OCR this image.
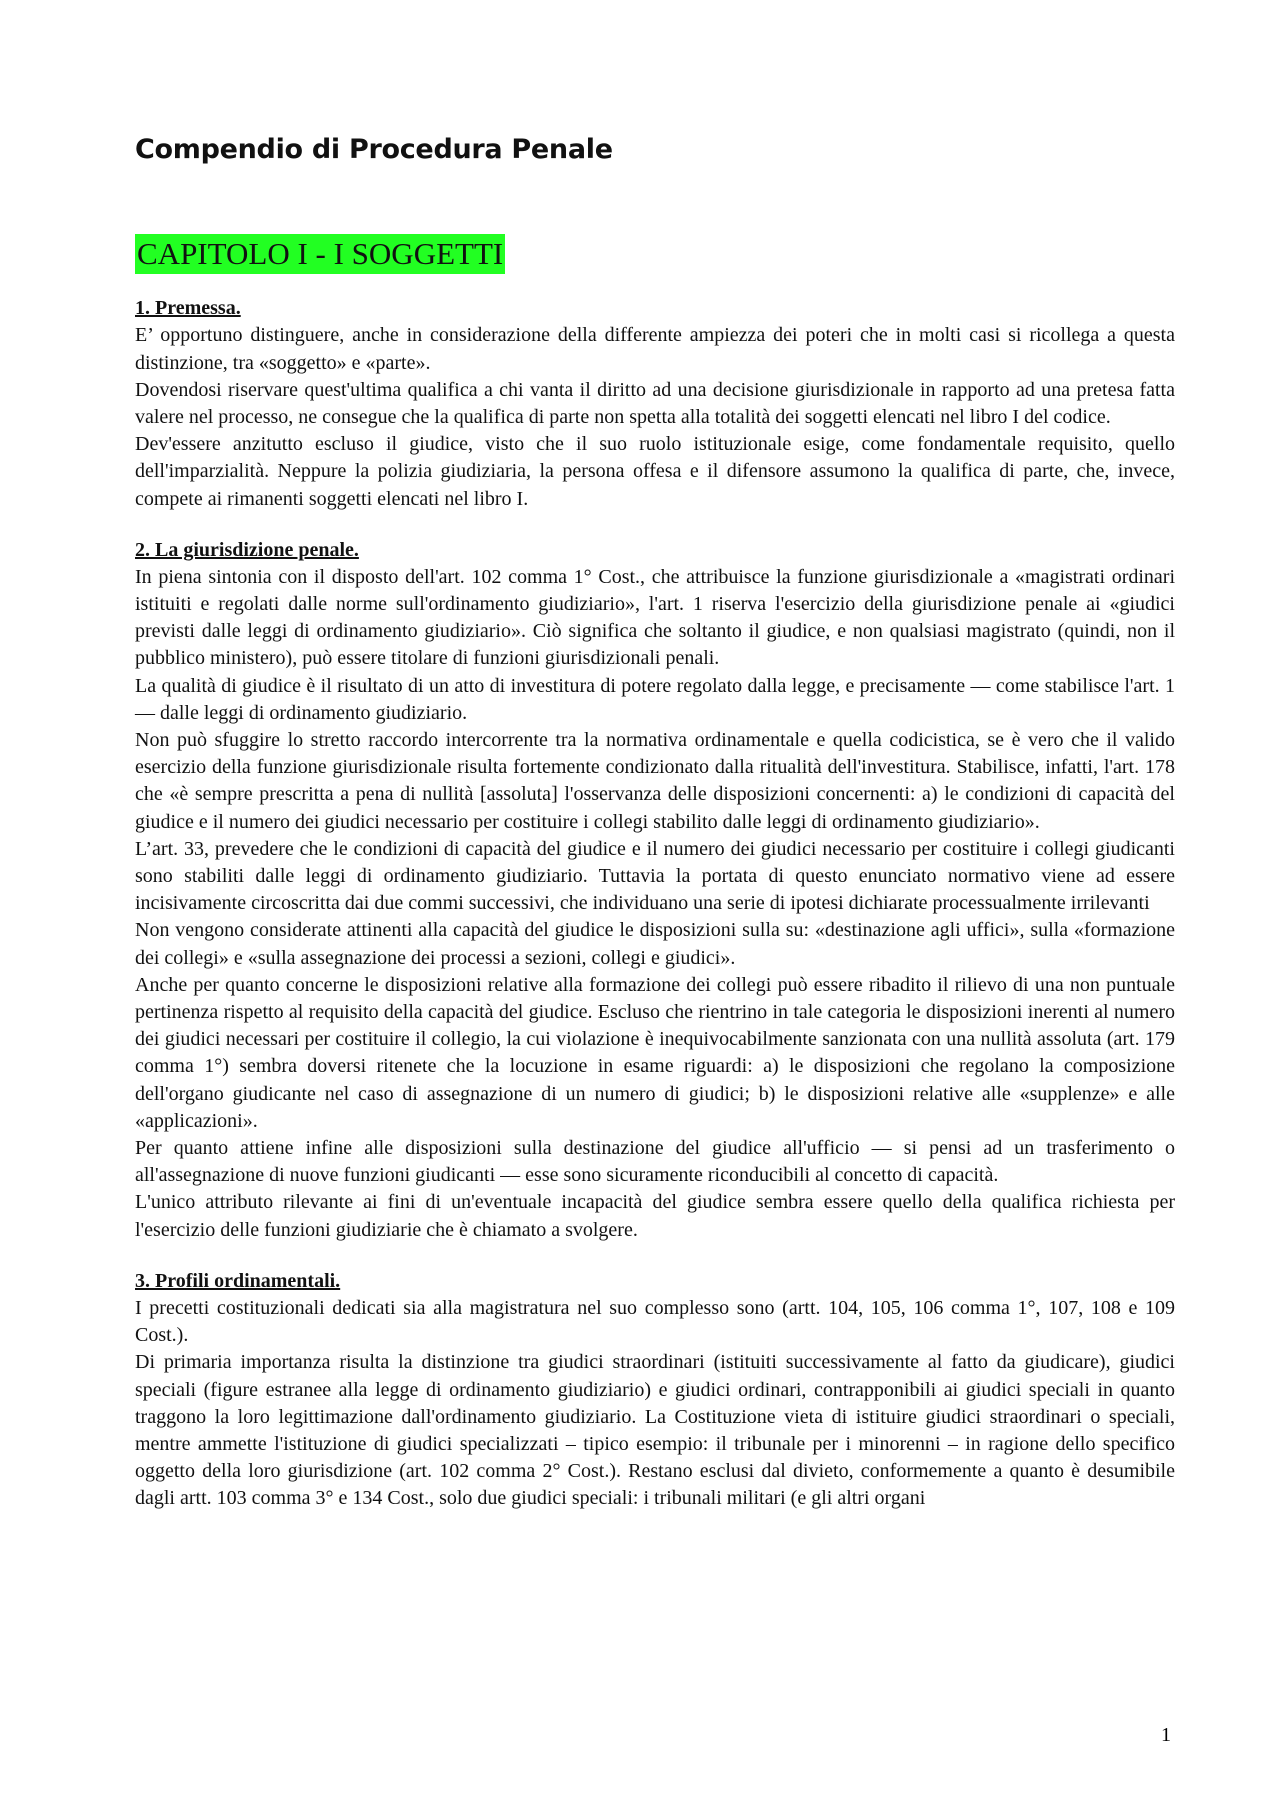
Compendio di Procedura Penale
CAPITOLO I - I SOGGETTI
1. Premessa.

E’ opportuno distinguere, anche in considerazione della differente ampiezza dei poteri che in molti casi si ricollega a questa distinzione, tra «soggetto» e «parte».

Dovendosi riservare quest'ultima qualifica a chi vanta il diritto ad una decisione giurisdizionale in rapporto ad una pretesa fatta valere nel processo, ne consegue che la qualifica di parte non spetta alla totalità dei soggetti elencati nel libro I del codice.

Dev'essere anzitutto escluso il giudice, visto che il suo ruolo istituzionale esige, come fondamentale requisito, quello dell'imparzialità. Neppure la polizia giudiziaria, la persona offesa e il difensore assumono la qualifica di parte, che, invece, compete ai rimanenti soggetti elencati nel libro I.

2. La giurisdizione penale.

In piena sintonia con il disposto dell'art. 102 comma 1° Cost., che attribuisce la funzione giurisdizionale a «magistrati ordinari istituiti e regolati dalle norme sull'ordinamento giudiziario», l'art. 1 riserva l'esercizio della giurisdizione penale ai «giudici previsti dalle leggi di ordinamento giudiziario». Ciò significa che soltanto il giudice, e non qualsiasi magistrato (quindi, non il pubblico ministero), può essere titolare di funzioni giurisdizionali penali.

La qualità di giudice è il risultato di un atto di investitura di potere regolato dalla legge, e precisamente — come stabilisce l'art. 1 — dalle leggi di ordinamento giudiziario.

Non può sfuggire lo stretto raccordo intercorrente tra la normativa ordinamentale e quella codicistica, se è vero che il valido esercizio della funzione giurisdizionale risulta fortemente condizionato dalla ritualità dell'investitura. Stabilisce, infatti, l'art. 178 che «è sempre prescritta a pena di nullità [assoluta] l'osservanza delle disposizioni concernenti: a) le condizioni di capacità del giudice e il numero dei giudici necessario per costituire i collegi stabilito dalle leggi di ordinamento giudiziario».

L’art. 33, prevedere che le condizioni di capacità del giudice e il numero dei giudici necessario per costituire i collegi giudicanti sono stabiliti dalle leggi di ordinamento giudiziario. Tuttavia la portata di questo enunciato normativo viene ad essere incisivamente circoscritta dai due commi successivi, che individuano una serie di ipotesi dichiarate processualmente irrilevanti

Non vengono considerate attinenti alla capacità del giudice le disposizioni sulla su: «destinazione agli uffici», sulla «formazione dei collegi» e «sulla assegnazione dei processi a sezioni, collegi e giudici».

Anche per quanto concerne le disposizioni relative alla formazione dei collegi può essere ribadito il rilievo di una non puntuale pertinenza rispetto al requisito della capacità del giudice. Escluso che rientrino in tale categoria le disposizioni inerenti al numero dei giudici necessari per costituire il collegio, la cui violazione è inequivocabilmente sanzionata con una nullità assoluta (art. 179 comma 1°) sembra doversi ritenete che la locuzione in esame riguardi: a) le disposizioni che regolano la composizione dell'organo giudicante nel caso di assegnazione di un numero di giudici; b) le disposizioni relative alle «supplenze» e alle «applicazioni».

Per quanto attiene infine alle disposizioni sulla destinazione del giudice all'ufficio — si pensi ad un trasferimento o all'assegnazione di nuove funzioni giudicanti — esse sono sicuramente riconducibili al concetto di capacità.

L'unico attributo rilevante ai fini di un'eventuale incapacità del giudice sembra essere quello della qualifica richiesta per l'esercizio delle funzioni giudiziarie che è chiamato a svolgere.

3. Profili ordinamentali.

I precetti costituzionali dedicati sia alla magistratura nel suo complesso sono (artt. 104, 105, 106 comma 1°, 107, 108 e 109 Cost.).

Di primaria importanza risulta la distinzione tra giudici straordinari (istituiti successivamente al fatto da giudicare), giudici speciali (figure estranee alla legge di ordinamento giudiziario) e giudici ordinari, contrapponibili ai giudici speciali in quanto traggono la loro legittimazione dall'ordinamento giudiziario. La Costituzione vieta di istituire giudici straordinari o speciali, mentre ammette l'istituzione di giudici specializzati – tipico esempio: il tribunale per i minorenni – in ragione dello specifico oggetto della loro giurisdizione (art. 102 comma 2° Cost.). Restano esclusi dal divieto, conformemente a quanto è desumibile dagli artt. 103 comma 3° e 134 Cost., solo due giudici speciali: i tribunali militari (e gli altri organi

1
